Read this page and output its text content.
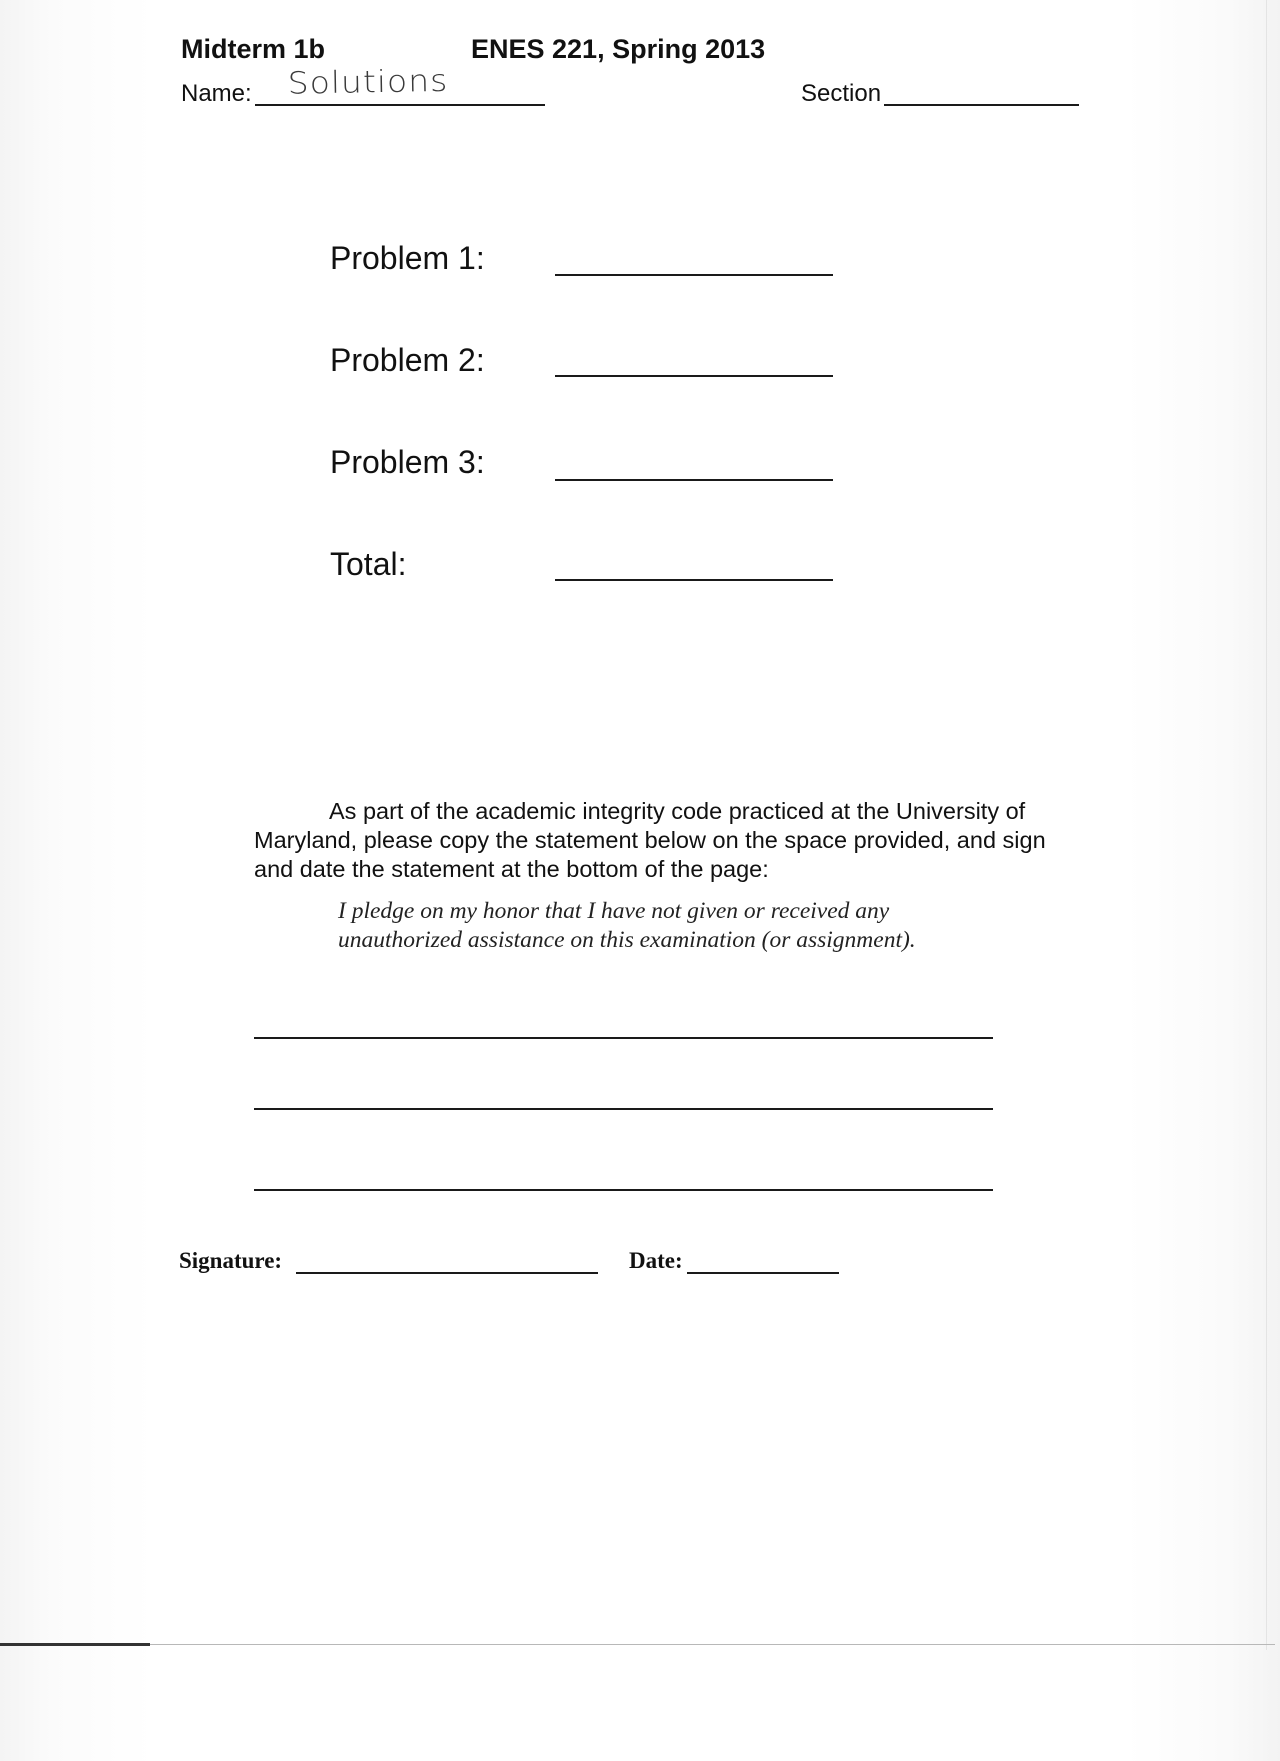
Midterm 1b	ENES 221, Spring 2013
Name: Solutions	Section
Problem 1:
Problem 2:
Problem 3:
Total:
As part of the academic integrity code practiced at the University of Maryland, please copy the statement below on the space provided, and sign and date the statement at the bottom of the page:
I pledge on my honor that I have not given or received any
unauthorized assistance on this examination (or assignment).
Signature:	Date:
